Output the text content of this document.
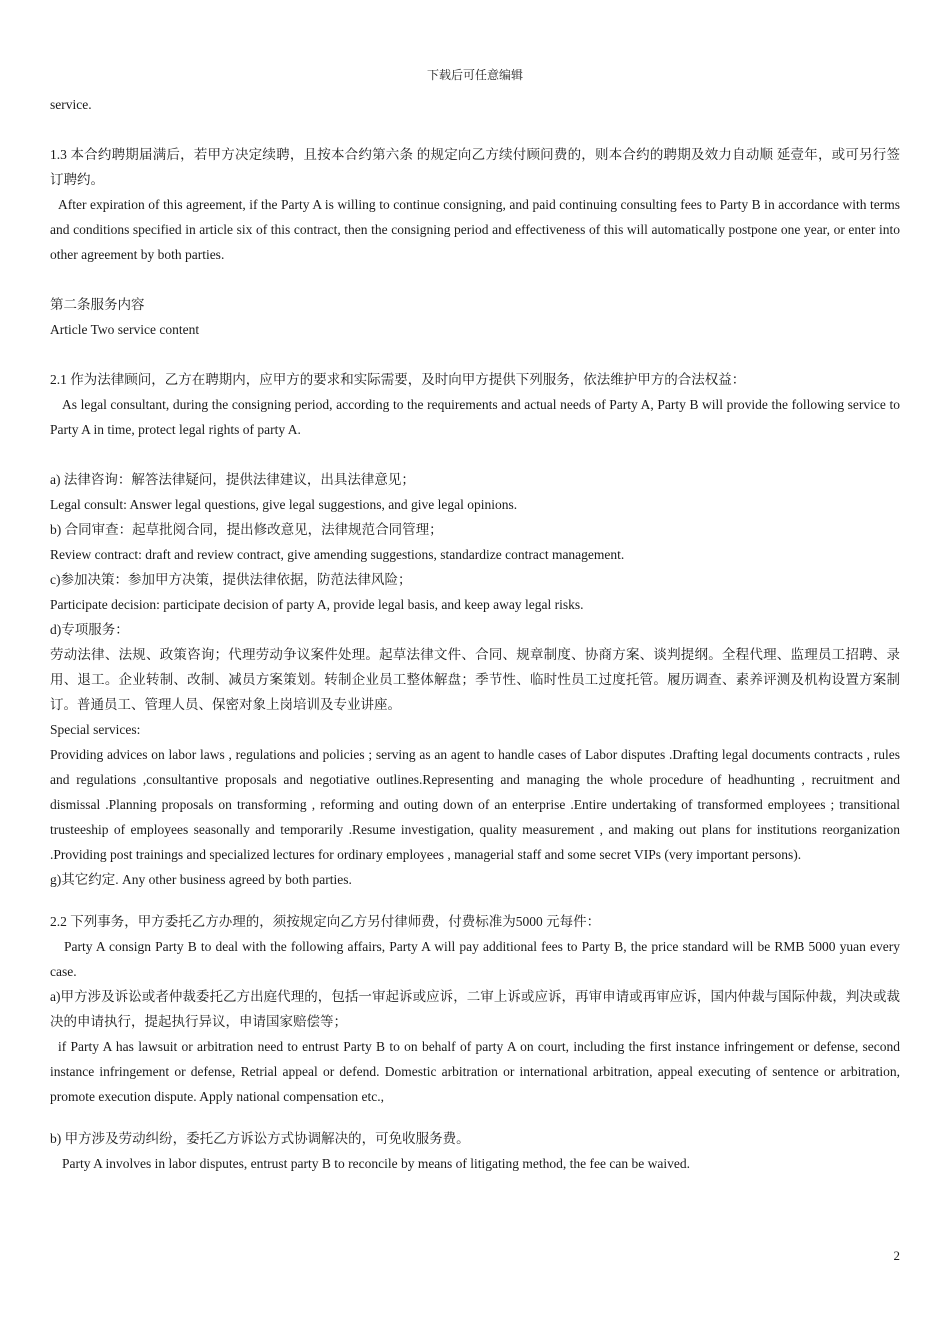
下载后可任意编辑

service.

1.3 本合约聘期届满后，若甲方决定续聘，且按本合约第六条 的规定向乙方续付顾问费的，则本合约的聘期及效力自动顺 延壹年，或可另行签订聘约。

After expiration of this agreement, if the Party A is willing to continue consigning, and paid continuing consulting fees to Party B in accordance with terms and conditions specified in article six of this contract, then the consigning period and effectiveness of this will automatically postpone one year, or enter into other agreement by both parties.

第二条服务内容

Article Two service content

2.1 作为法律顾问，乙方在聘期内，应甲方的要求和实际需要，及时向甲方提供下列服务，依法维护甲方的合法权益：

As legal consultant, during the consigning period, according to the requirements and actual needs of Party A, Party B will provide the following service to Party A in time, protect legal rights of party A.

a) 法律咨询：解答法律疑问，提供法律建议，出具法律意见；

Legal consult: Answer legal questions, give legal suggestions, and give legal opinions.

b) 合同审查：起草批阅合同，提出修改意见，法律规范合同管理；

Review contract: draft and review contract, give amending suggestions, standardize contract management.

c)参加决策：参加甲方决策，提供法律依据，防范法律风险；

Participate decision: participate decision of party A, provide legal basis, and keep away legal risks.

d)专项服务：

劳动法律、法规、政策咨询；代理劳动争议案件处理。起草法律文件、合同、规章制度、协商方案、谈判提纲。全程代理、监理员工招聘、录用、退工。企业转制、改制、减员方案策划。转制企业员工整体解盘；季节性、临时性员工过度托管。履历调查、素养评测及机构设置方案制订。普通员工、管理人员、保密对象上岗培训及专业讲座。

Special services:

Providing advices on labor laws , regulations and policies ; serving as an agent to handle cases of Labor disputes .Drafting legal documents contracts , rules and regulations ,consultantive proposals and negotiative outlines.Representing and managing the whole procedure of headhunting , recruitment and dismissal .Planning proposals on transforming , reforming and outing down of an enterprise .Entire undertaking of transformed employees ; transitional trusteeship of employees seasonally and temporarily .Resume investigation, quality measurement , and making out plans for institutions reorganization .Providing post trainings and specialized lectures for ordinary employees , managerial staff and some secret VIPs (very important persons).

g)其它约定. Any other business agreed by both parties.

2.2 下列事务，甲方委托乙方办理的，须按规定向乙方另付律师费，付费标准为5000 元每件：

Party A consign Party B to deal with the following affairs, Party A will pay additional fees to Party B, the price standard will be RMB 5000 yuan every case.

a)甲方涉及诉讼或者仲裁委托乙方出庭代理的，包括一审起诉或应诉，二审上诉或应诉，再审申请或再审应诉，国内仲裁与国际仲裁，判决或裁决的申请执行，提起执行异议，申请国家赔偿等；

if Party A has lawsuit or arbitration need to entrust Party B to on behalf of party A on court, including the first instance infringement or defense, second instance infringement or defense, Retrial appeal or defend. Domestic arbitration or international arbitration, appeal executing of sentence or arbitration, promote execution dispute. Apply national compensation etc.,

b) 甲方涉及劳动纠纷，委托乙方诉讼方式协调解决的，可免收服务费。

Party A involves in labor disputes, entrust party B to reconcile by means of litigating method, the fee can be waived.

2
